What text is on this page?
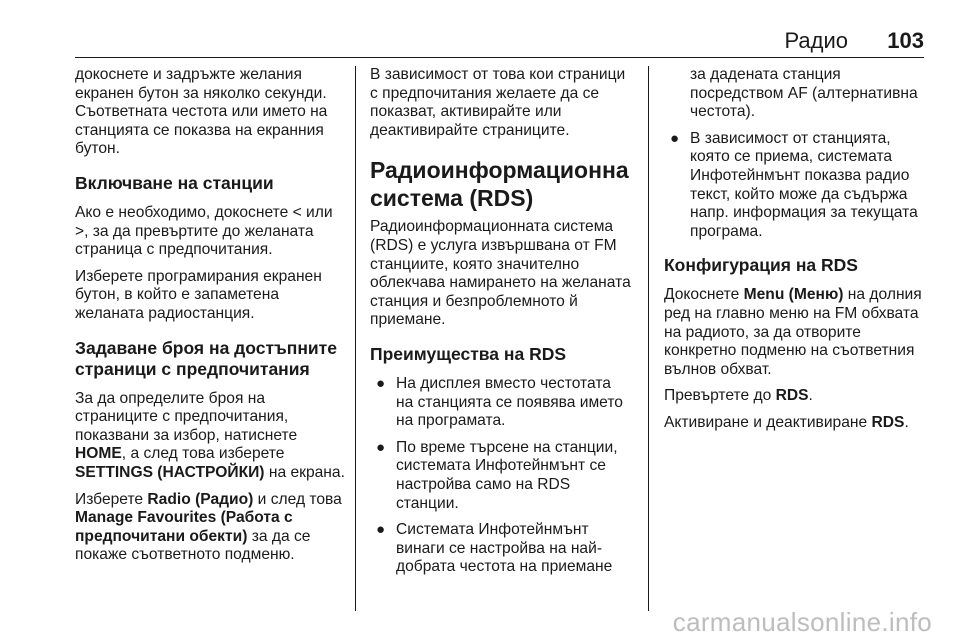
Радио 103

докоснете и задръжте желания екранен бутон за няколко секунди. Съответната честота или името на станцията се показва на екранния бутон.

Включване на станции

Ако е необходимо, докоснете < или >, за да превъртите до желаната страница с предпочитания.

Изберете програмирания екранен бутон, в който е запаметена желаната радиостанция.

Задаване броя на достъпните страници с предпочитания

За да определите броя на страниците с предпочитания, показвани за избор, натиснете HOME, а след това изберете SETTINGS (НАСТРОЙКИ) на екрана.

Изберете Radio (Радио) и след това Manage Favourites (Работа с предпочитани обекти) за да се покаже съответното подменю.

В зависимост от това кои страници с предпочитания желаете да се показват, активирайте или деактивирайте страниците.

Радиоинформационна система (RDS)

Радиоинформационната система (RDS) е услуга извършвана от FM станциите, която значително облекчава намирането на желаната станция и безпроблемното й приемане.

Преимущества на RDS
● На дисплея вместо честотата на станцията се появява името на програмата.
● По време търсене на станции, системата Инфотейнмънт се настройва само на RDS станции.
● Системата Инфотейнмънт винаги се настройва на най-добрата честота на приемане
за дадената станция посредством AF (алтернативна честота).
● В зависимост от станцията, която се приема, системата Инфотейнмънт показва радио текст, който може да съдържа напр. информация за текущата програма.
Конфигурация на RDS

Докоснете Menu (Меню) на долния ред на главно меню на FM обхвата на радиото, за да отворите конкретно подменю на съответния вълнов обхват.

Превъртете до RDS.

Активиране и деактивиране RDS.

carmanualsonline.info
